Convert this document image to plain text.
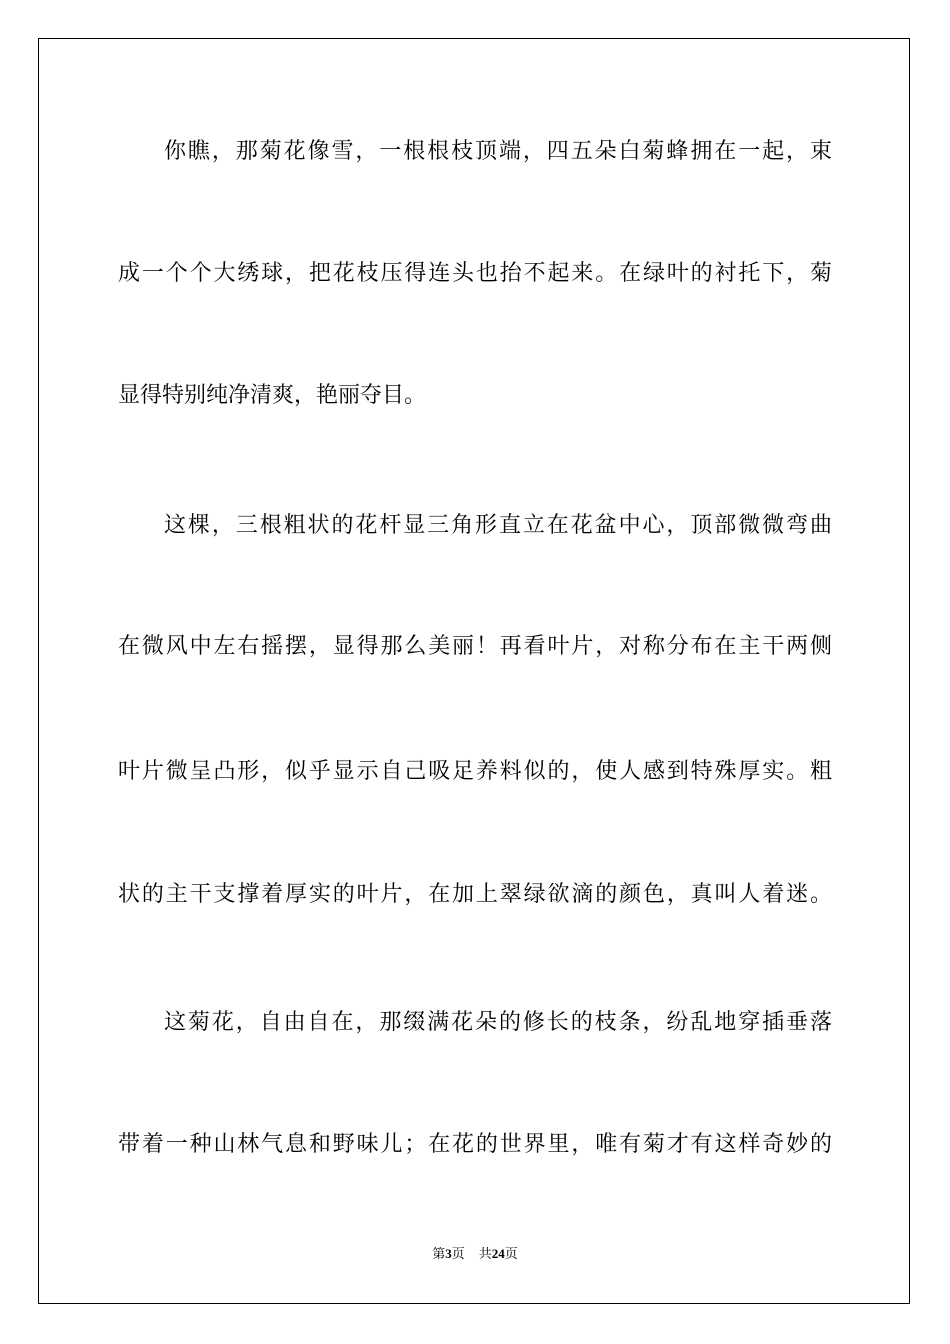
你瞧，那菊花像雪，一根根枝顶端，四五朵白菊蜂拥在一起，束
成一个个大绣球，把花枝压得连头也抬不起来。在绿叶的衬托下，菊
显得特别纯净清爽，艳丽夺目。
这棵，三根粗状的花杆显三角形直立在花盆中心，顶部微微弯曲
在微风中左右摇摆，显得那么美丽！再看叶片，对称分布在主干两侧
叶片微呈凸形，似乎显示自己吸足养料似的，使人感到特殊厚实。粗
状的主干支撑着厚实的叶片，在加上翠绿欲滴的颜色，真叫人着迷。
这菊花，自由自在，那缀满花朵的修长的枝条，纷乱地穿插垂落
带着一种山林气息和野味儿；在花的世界里，唯有菊才有这样奇妙的
第3页 共24页
